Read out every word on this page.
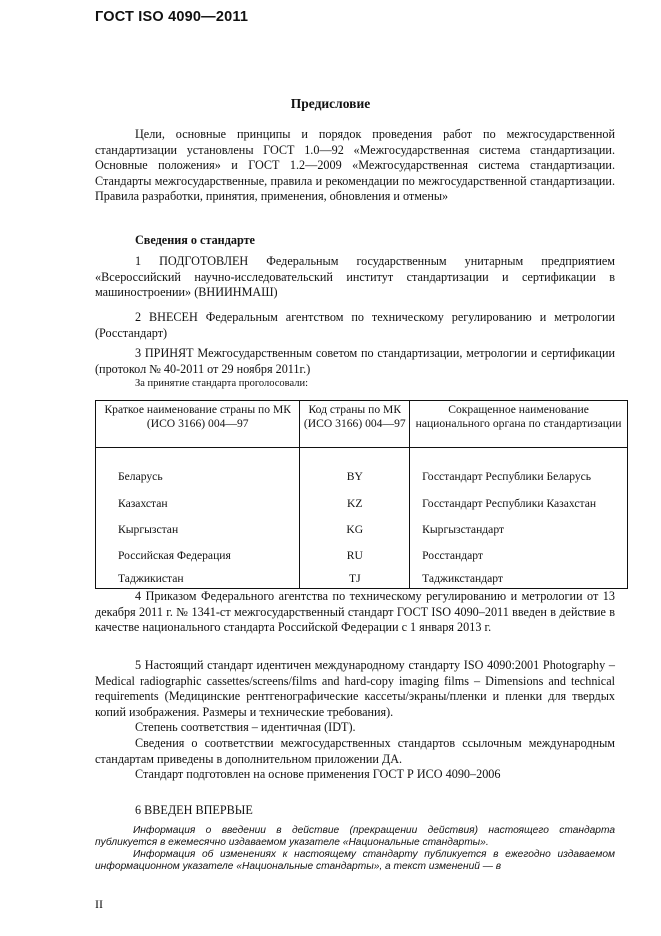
ГОСТ ISO 4090—2011
Предисловие

Цели, основные принципы и порядок проведения работ по межгосударственной стандартизации установлены ГОСТ 1.0—92 «Межгосударственная система стандартизации. Основные положения» и ГОСТ 1.2—2009 «Межгосударственная система стандартизации. Стандарты межгосударственные, правила и рекомендации по межгосударственной стандартизации. Правила разработки, принятия, применения, обновления и отмены»

Сведения о стандарте

1 ПОДГОТОВЛЕН Федеральным государственным унитарным предприятием «Всероссийский научно-исследовательский институт стандартизации и сертификации в машиностроении» (ВНИИНМАШ)

2 ВНЕСЕН Федеральным агентством по техническому регулированию и метрологии (Росстандарт)

3 ПРИНЯТ Межгосударственным советом по стандартизации, метрологии и сертификации (протокол № 40-2011 от 29 ноября 2011г.)

За принятие стандарта проголосовали:

Краткое наименование страны по МК (ИСО 3166) 004—97	Код страны по МК (ИСО 3166) 004—97	Сокращенное наименование национального органа по стандартизации
Беларусь	BY	Госстандарт Республики Беларусь
Казахстан	KZ	Госстандарт Республики Казахстан
Кыргызстан	KG	Кыргызстандарт
Российская Федерация	RU	Росстандарт
Таджикистан	TJ	Таджикстандарт

4 Приказом Федерального агентства по техническому регулированию и метрологии от 13 декабря 2011 г. № 1341-ст межгосударственный стандарт ГОСТ ISO 4090–2011 введен в действие в качестве национального стандарта Российской Федерации с 1 января 2013 г.

5 Настоящий стандарт идентичен международному стандарту ISO 4090:2001 Photography – Medical radiographic cassettes/screens/films and hard-copy imaging films – Dimensions and technical requirements (Медицинские рентгенографические кассеты/экраны/пленки и пленки для твердых копий изображения. Размеры и технические требования).

Степень соответствия – идентичная (IDT).

Сведения о соответствии межгосударственных стандартов ссылочным международным стандартам приведены в дополнительном приложении ДА.

Стандарт подготовлен на основе применения ГОСТ Р ИСО 4090–2006

6 ВВЕДЕН ВПЕРВЫЕ

Информация о введении в действие (прекращении действия) настоящего стандарта публикуется в ежемесячно издаваемом указателе «Национальные стандарты».

Информация об изменениях к настоящему стандарту публикуется в ежегодно издаваемом информационном указателе «Национальные стандарты», а текст изменений — в

II
